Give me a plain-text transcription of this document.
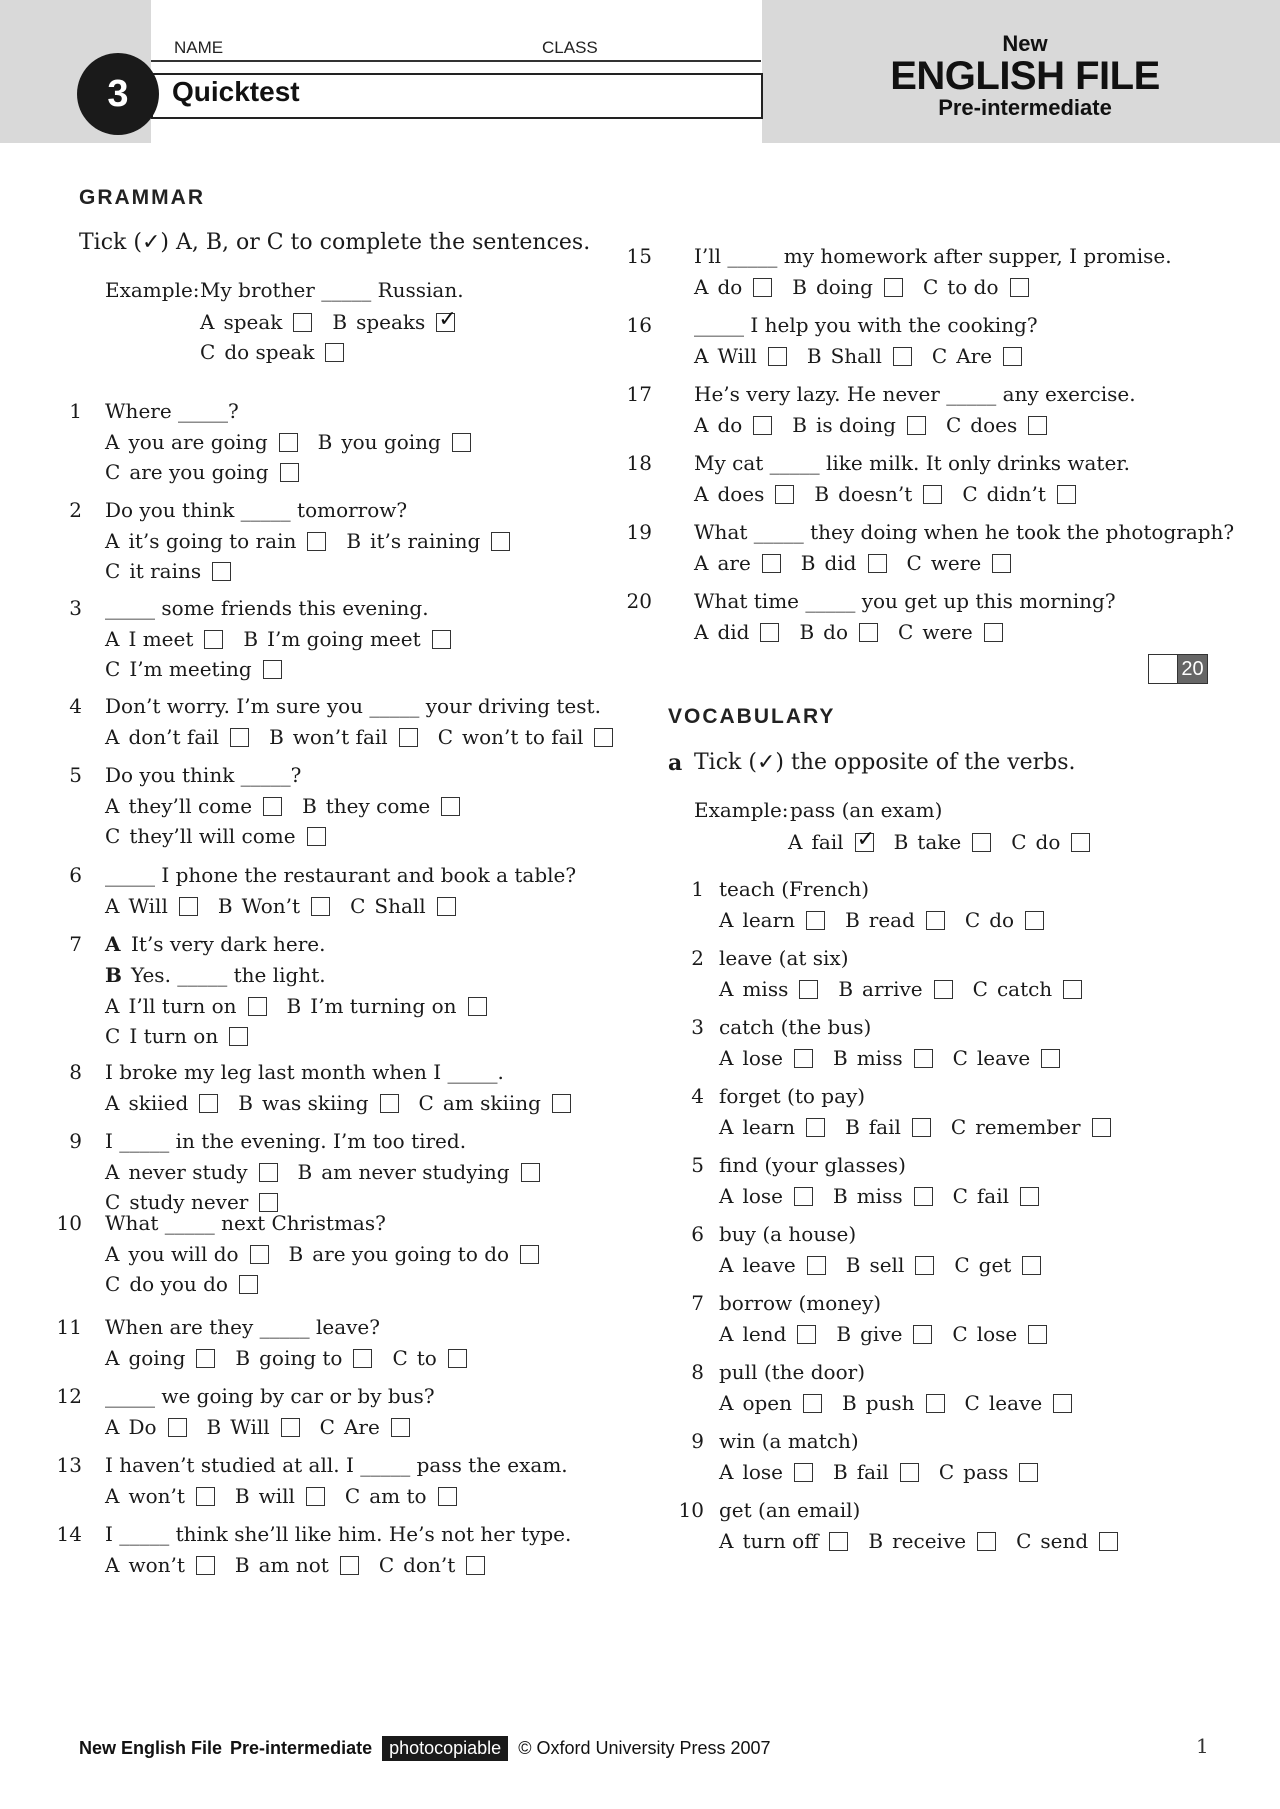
NAME	CLASS
Quicktest
3
New
ENGLISH FILE
Pre-intermediate
GRAMMAR
Tick (✓) A, B, or C to complete the sentences.
Example: My brother _____ Russian.
A speak	B speaks
✓
C do speak
1 Where _____?
A you are going	B you going
C are you going
2 Do you think _____ tomorrow?
A it’s going to rain	B it’s raining
C it rains
3 _____ some friends this evening.
A I meet	B I’m going meet
C I’m meeting
4 Don’t worry. I’m sure you _____ your driving test.
A don’t fail	B won’t fail	C won’t to fail
5 Do you think _____?
A they’ll come	B they come
C they’ll will come
6 _____ I phone the restaurant and book a table?
A Will	B Won’t	C Shall
7 A It’s very dark here.
B Yes. _____ the light.
A I’ll turn on	B I’m turning on
C I turn on
8 I broke my leg last month when I _____.
A skiied	B was skiing	C am skiing
9 I _____ in the evening. I’m too tired.
A never study	B am never studying
C study never
10 What _____ next Christmas?
A you will do	B are you going to do
C do you do
11 When are they _____ leave?
A going	B going to	C to
12 _____ we going by car or by bus?
A Do	B Will	C Are
13 I haven’t studied at all. I _____ pass the exam.
A won’t	B will	C am to
14 I _____ think she’ll like him. He’s not her type.
A won’t	B am not	C don’t
15 I’ll _____ my homework after supper, I promise.
A do	B doing	C to do
16 _____ I help you with the cooking?
A Will	B Shall	C Are
17 He’s very lazy. He never _____ any exercise.
A do	B is doing	C does
18 My cat _____ like milk. It only drinks water.
A does	B doesn’t	C didn’t
19 What _____ they doing when he took the photograph?
A are	B did	C were
20 What time _____ you get up this morning?
A did	B do	C were
20
VOCABULARY
a Tick (✓) the opposite of the verbs.
Example: pass (an exam)
A fail
✓	B take	C do
1 teach (French)
A learn	B read	C do
2 leave (at six)
A miss	B arrive	C catch
3 catch (the bus)
A lose	B miss	C leave
4 forget (to pay)
A learn	B fail	C remember
5 find (your glasses)
A lose	B miss	C fail
6 buy (a house)
A leave	B sell	C get
7 borrow (money)
A lend	B give	C lose
8 pull (the door)
A open	B push	C leave
9 win (a match)
A lose	B fail	C pass
10 get (an email)
A turn off	B receive	C send
New English File Pre-intermediate photocopiable © Oxford University Press 2007	1
